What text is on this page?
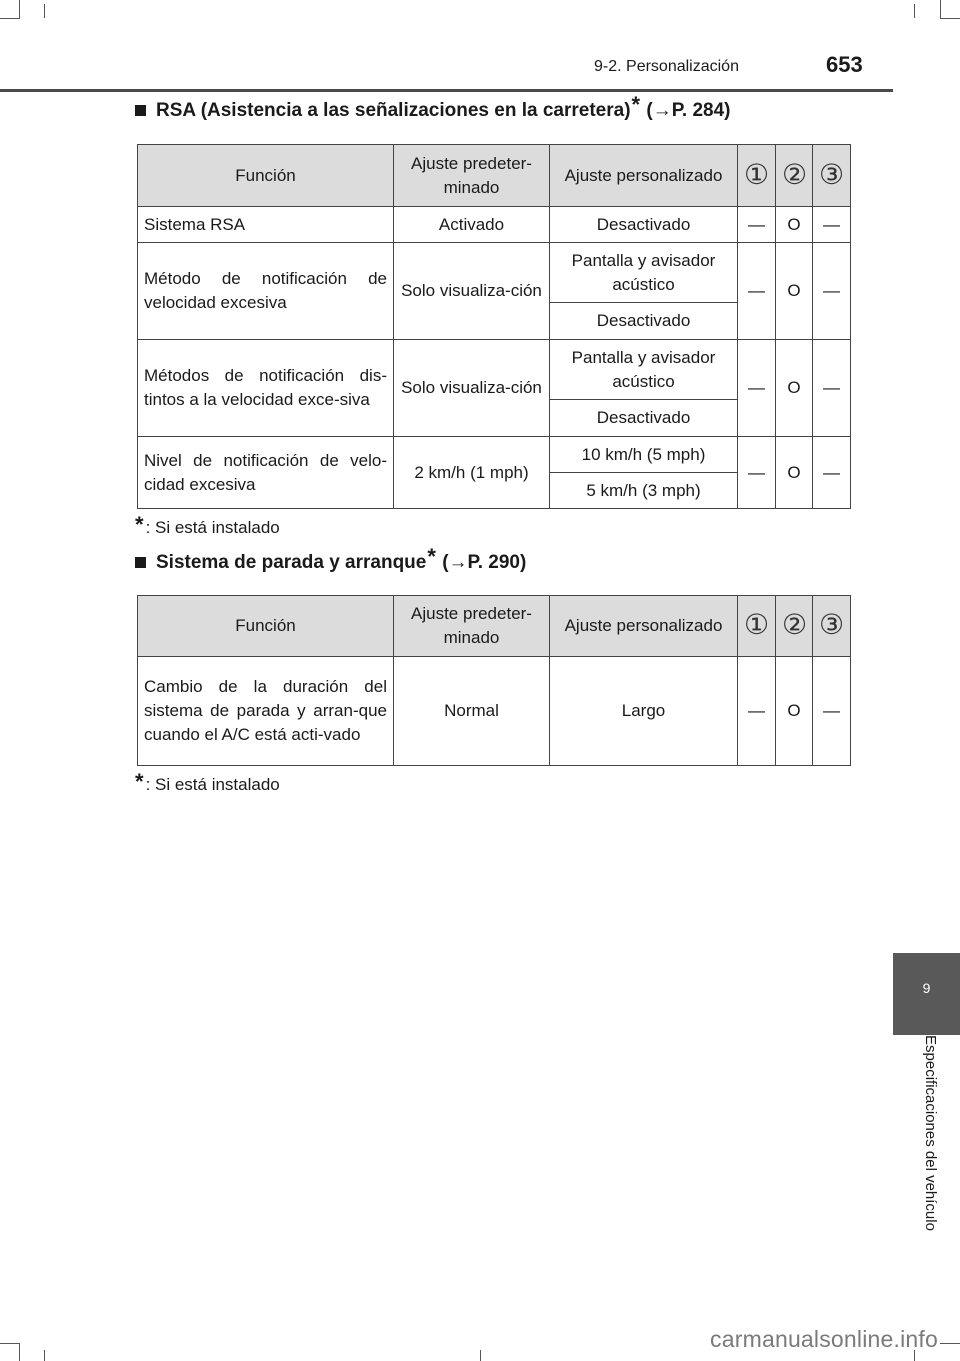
9-2. Personalización	653
RSA (Asistencia a las señalizaciones en la carretera) *
(→P. 284)
Función	Ajuste predeter-minado	Ajuste personalizado	①	②	③
Sistema RSA	Activado	Desactivado	—	O	—
Método de notificación de velocidad excesiva	Solo visualiza-ción	Pantalla y avisador acústico	—	O	—
		Desactivado			
Métodos de notificación dis-tintos a la velocidad exce-siva	Solo visualiza-ción	Pantalla y avisador acústico	—	O	—
		Desactivado			
Nivel de notificación de velo-cidad excesiva	2 km/h (1 mph)	10 km/h (5 mph)	—	O	—
		5 km/h (3 mph)			
* : Si está instalado
Sistema de parada y arranque *
(→P. 290)
Función	Ajuste predeter-minado	Ajuste personalizado	①	②	③
Cambio de la duración del sistema de parada y arran-que cuando el A/C está acti-vado	Normal	Largo	—	O	—
* : Si está instalado
9
Especificaciones del vehículo
carmanualsonline.info
